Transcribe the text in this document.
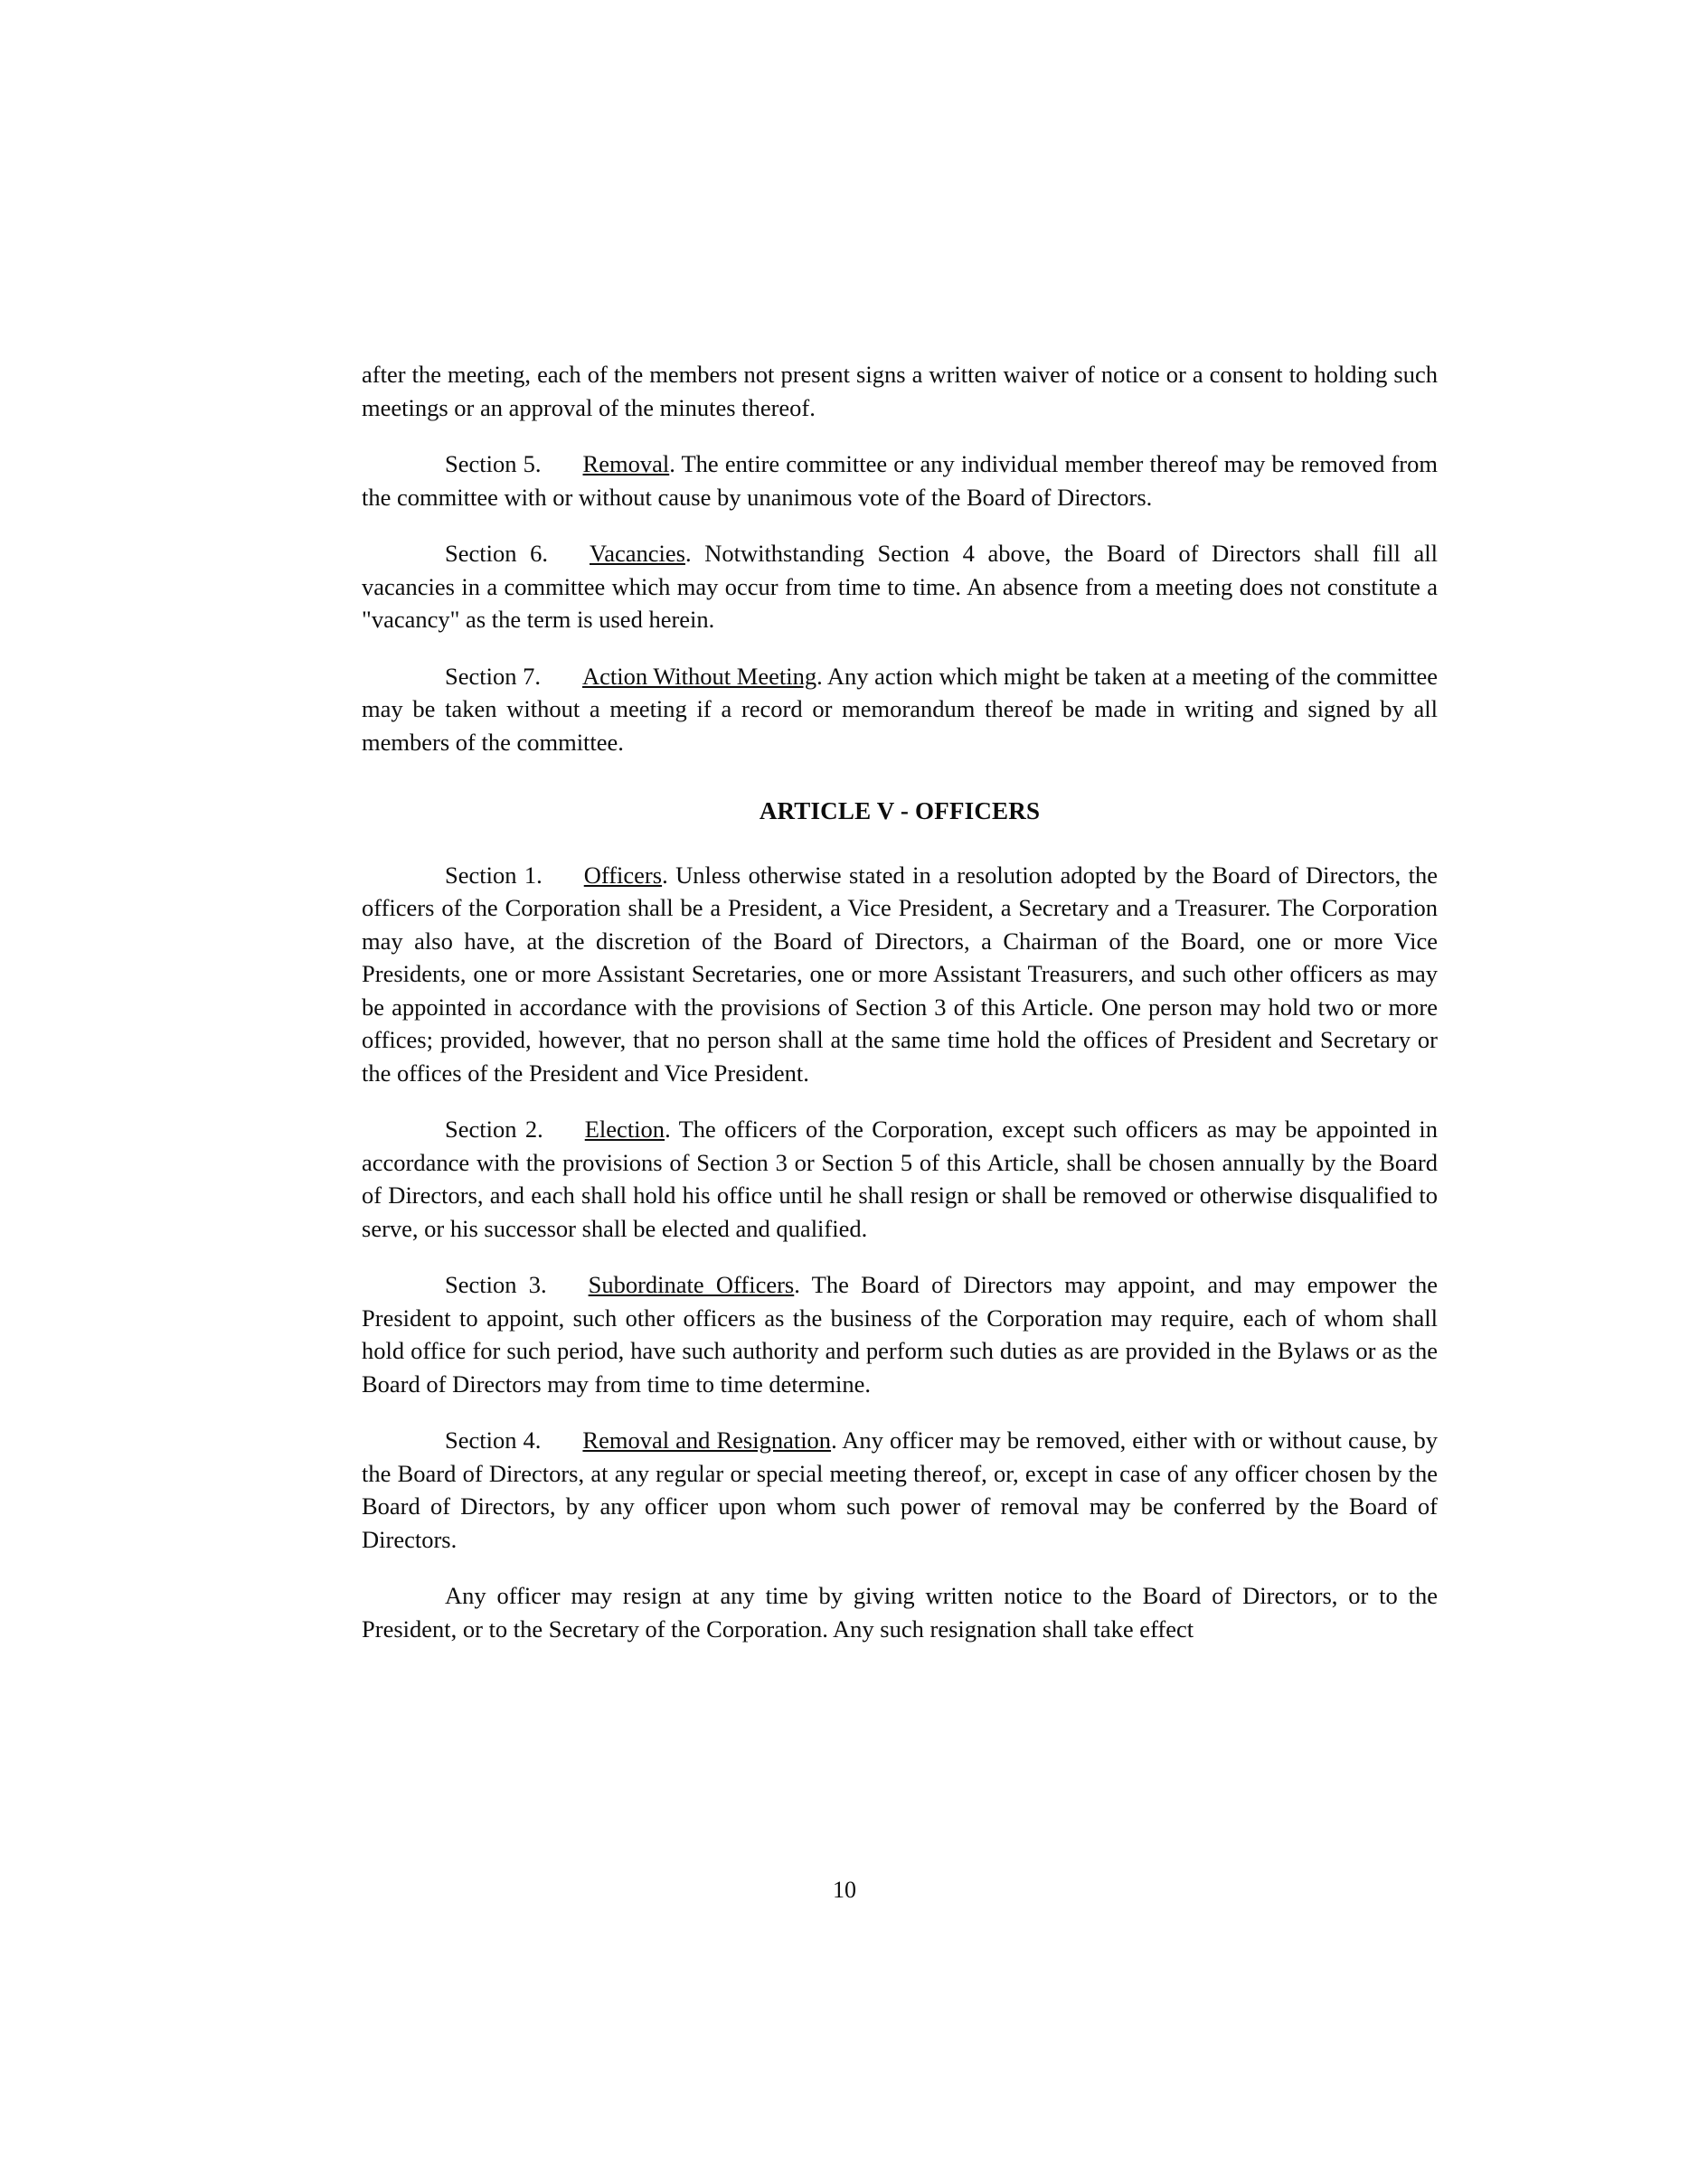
after the meeting, each of the members not present signs a written waiver of notice or a consent to holding such meetings or an approval of the minutes thereof.

Section 5. Removal. The entire committee or any individual member thereof may be removed from the committee with or without cause by unanimous vote of the Board of Directors.

Section 6. Vacancies. Notwithstanding Section 4 above, the Board of Directors shall fill all vacancies in a committee which may occur from time to time. An absence from a meeting does not constitute a "vacancy" as the term is used herein.

Section 7. Action Without Meeting. Any action which might be taken at a meeting of the committee may be taken without a meeting if a record or memorandum thereof be made in writing and signed by all members of the committee.

ARTICLE V - OFFICERS

Section 1. Officers. Unless otherwise stated in a resolution adopted by the Board of Directors, the officers of the Corporation shall be a President, a Vice President, a Secretary and a Treasurer. The Corporation may also have, at the discretion of the Board of Directors, a Chairman of the Board, one or more Vice Presidents, one or more Assistant Secretaries, one or more Assistant Treasurers, and such other officers as may be appointed in accordance with the provisions of Section 3 of this Article. One person may hold two or more offices; provided, however, that no person shall at the same time hold the offices of President and Secretary or the offices of the President and Vice President.

Section 2. Election. The officers of the Corporation, except such officers as may be appointed in accordance with the provisions of Section 3 or Section 5 of this Article, shall be chosen annually by the Board of Directors, and each shall hold his office until he shall resign or shall be removed or otherwise disqualified to serve, or his successor shall be elected and qualified.

Section 3. Subordinate Officers. The Board of Directors may appoint, and may empower the President to appoint, such other officers as the business of the Corporation may require, each of whom shall hold office for such period, have such authority and perform such duties as are provided in the Bylaws or as the Board of Directors may from time to time determine.

Section 4. Removal and Resignation. Any officer may be removed, either with or without cause, by the Board of Directors, at any regular or special meeting thereof, or, except in case of any officer chosen by the Board of Directors, by any officer upon whom such power of removal may be conferred by the Board of Directors.

Any officer may resign at any time by giving written notice to the Board of Directors, or to the President, or to the Secretary of the Corporation. Any such resignation shall take effect

10
